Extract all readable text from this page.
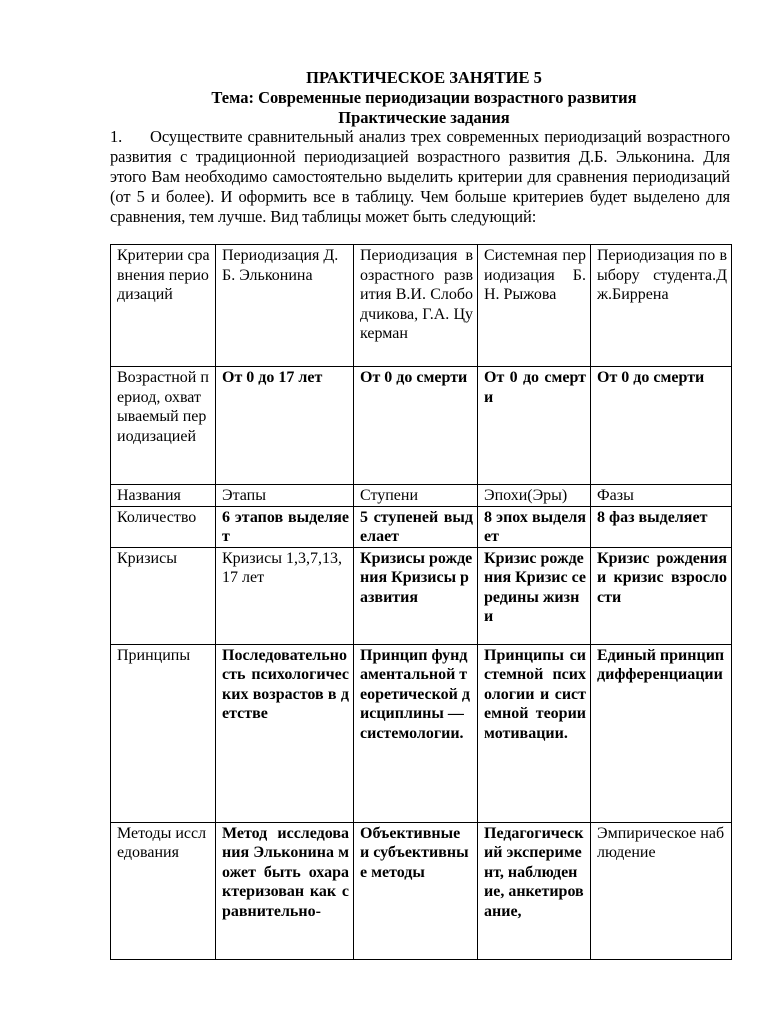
ПРАКТИЧЕСКОЕ ЗАНЯТИЕ 5
Тема: Современные периодизации возрастного развития
Практические задания
1. Осуществите сравнительный анализ трех современных периодизаций возрастного развития с традиционной периодизацией возрастного развития Д.Б. Эльконина. Для этого Вам необходимо самостоятельно выделить критерии для сравнения периодизаций (от 5 и более). И оформить все в таблицу. Чем больше критериев будет выделено для сравнения, тем лучше. Вид таблицы может быть следующий:
Критерии сравнения периодизаций	Периодизация Д.Б. Эльконина	Периодизация возрастного развития В.И. Слободчикова, Г.А. Цукерман	Системная периодизация Б.Н. Рыжова	Периодизация по выбору студента.Дж.Биррена
Возрастной период, охватываемый периодизацией	От 0 до 17 лет	От 0 до смерти	От 0 до смерти	От 0 до смерти
Названия	Этапы	Ступени	Эпохи(Эры)	Фазы
Количество	6 этапов выделяет	5 ступеней выделает	8 эпох выделяет	8 фаз выделяет
Кризисы	Кризисы 1,3,7,13,17 лет	Кризисы рождения Кризисы развития	Кризис рождения Кризис середины жизни	Кризис рождения и кризис взрослости
Принципы	Последовательность психологических возрастов в детстве	Принцип фундаментальной теоретической дисциплины — системологии.	Принципы системной психологии и системной теории мотивации.	Единый принцип дифференциации
Методы исследования	Метод исследования Эльконина может быть охарактеризован как сравнительно-	Объективные и субъективные методы	Педагогический эксперимент, наблюдение, анкетирование,	Эмпирическое наблюдение
